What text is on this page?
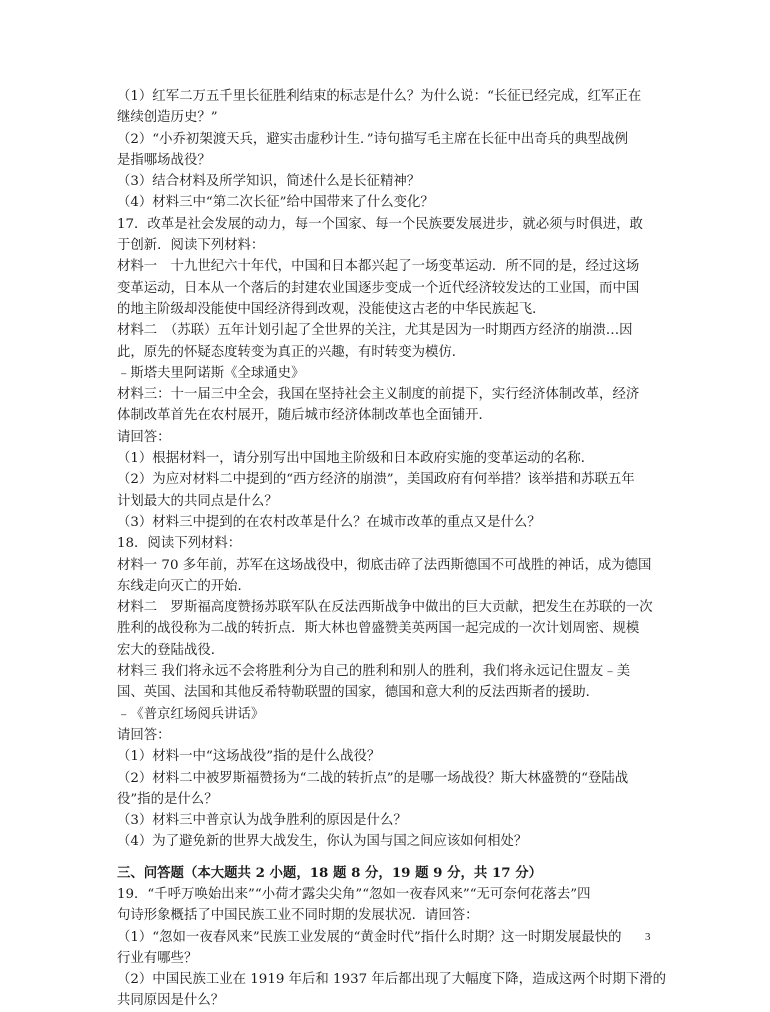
（1）红军二万五千里长征胜利结束的标志是什么？为什么说：“长征已经完成，红军正在
继续创造历史？”
（2）“小乔初架渡天兵，避实击虚秒计生．”诗句描写毛主席在长征中出奇兵的典型战例
是指哪场战役？
（3）结合材料及所学知识，简述什么是长征精神？
（4）材料三中“第二次长征”给中国带来了什么变化？
17．改革是社会发展的动力，每一个国家、每一个民族要发展进步，就必须与时俱进，敢
于创新．阅读下列材料：
材料一　十九世纪六十年代，中国和日本都兴起了一场变革运动．所不同的是，经过这场
变革运动，日本从一个落后的封建农业国逐步变成一个近代经济较发达的工业国，而中国
的地主阶级却没能使中国经济得到改观，没能使这古老的中华民族起飞．
材料二　（苏联）五年计划引起了全世界的关注，尤其是因为一时期西方经济的崩溃…因
此，原先的怀疑态度转变为真正的兴趣，有时转变为模仿．
﹣斯塔夫里阿诺斯《全球通史》
材料三：十一届三中全会，我国在坚持社会主义制度的前提下，实行经济体制改革，经济
体制改革首先在农村展开，随后城市经济体制改革也全面铺开．
请回答：
（1）根据材料一，请分别写出中国地主阶级和日本政府实施的变革运动的名称．
（2）为应对材料二中提到的“西方经济的崩溃”，美国政府有何举措？该举措和苏联五年
计划最大的共同点是什么？
（3）材料三中提到的在农村改革是什么？在城市改革的重点又是什么？
18．阅读下列材料：
材料一 70 多年前，苏军在这场战役中，彻底击碎了法西斯德国不可战胜的神话，成为德国
东线走向灭亡的开始．
材料二　罗斯福高度赞扬苏联军队在反法西斯战争中做出的巨大贡献，把发生在苏联的一次
胜利的战役称为二战的转折点．斯大林也曾盛赞美英两国一起完成的一次计划周密、规模
宏大的登陆战役．
材料三 我们将永远不会将胜利分为自己的胜利和别人的胜利，我们将永远记住盟友﹣美
国、英国、法国和其他反希特勒联盟的国家，德国和意大利的反法西斯者的援助．
﹣《普京红场阅兵讲话》
请回答：
（1）材料一中“这场战役”指的是什么战役？
（2）材料二中被罗斯福赞扬为“二战的转折点”的是哪一场战役？斯大林盛赞的“登陆战
役”指的是什么？
（3）材料三中普京认为战争胜利的原因是什么？
（4）为了避免新的世界大战发生，你认为国与国之间应该如何相处？
三、问答题（本大题共 2 小题，18 题 8 分，19 题 9 分，共 17 分）
19．“千呼万唤始出来”“小荷才露尖尖角”“忽如一夜春风来”“无可奈何花落去”四
句诗形象概括了中国民族工业不同时期的发展状况．请回答：
（1）“忽如一夜春风来”民族工业发展的“黄金时代”指什么时期？这一时期发展最快的
行业有哪些？
（2）中国民族工业在 1919 年后和 1937 年后都出现了大幅度下降，造成这两个时期下滑的
共同原因是什么？
3
